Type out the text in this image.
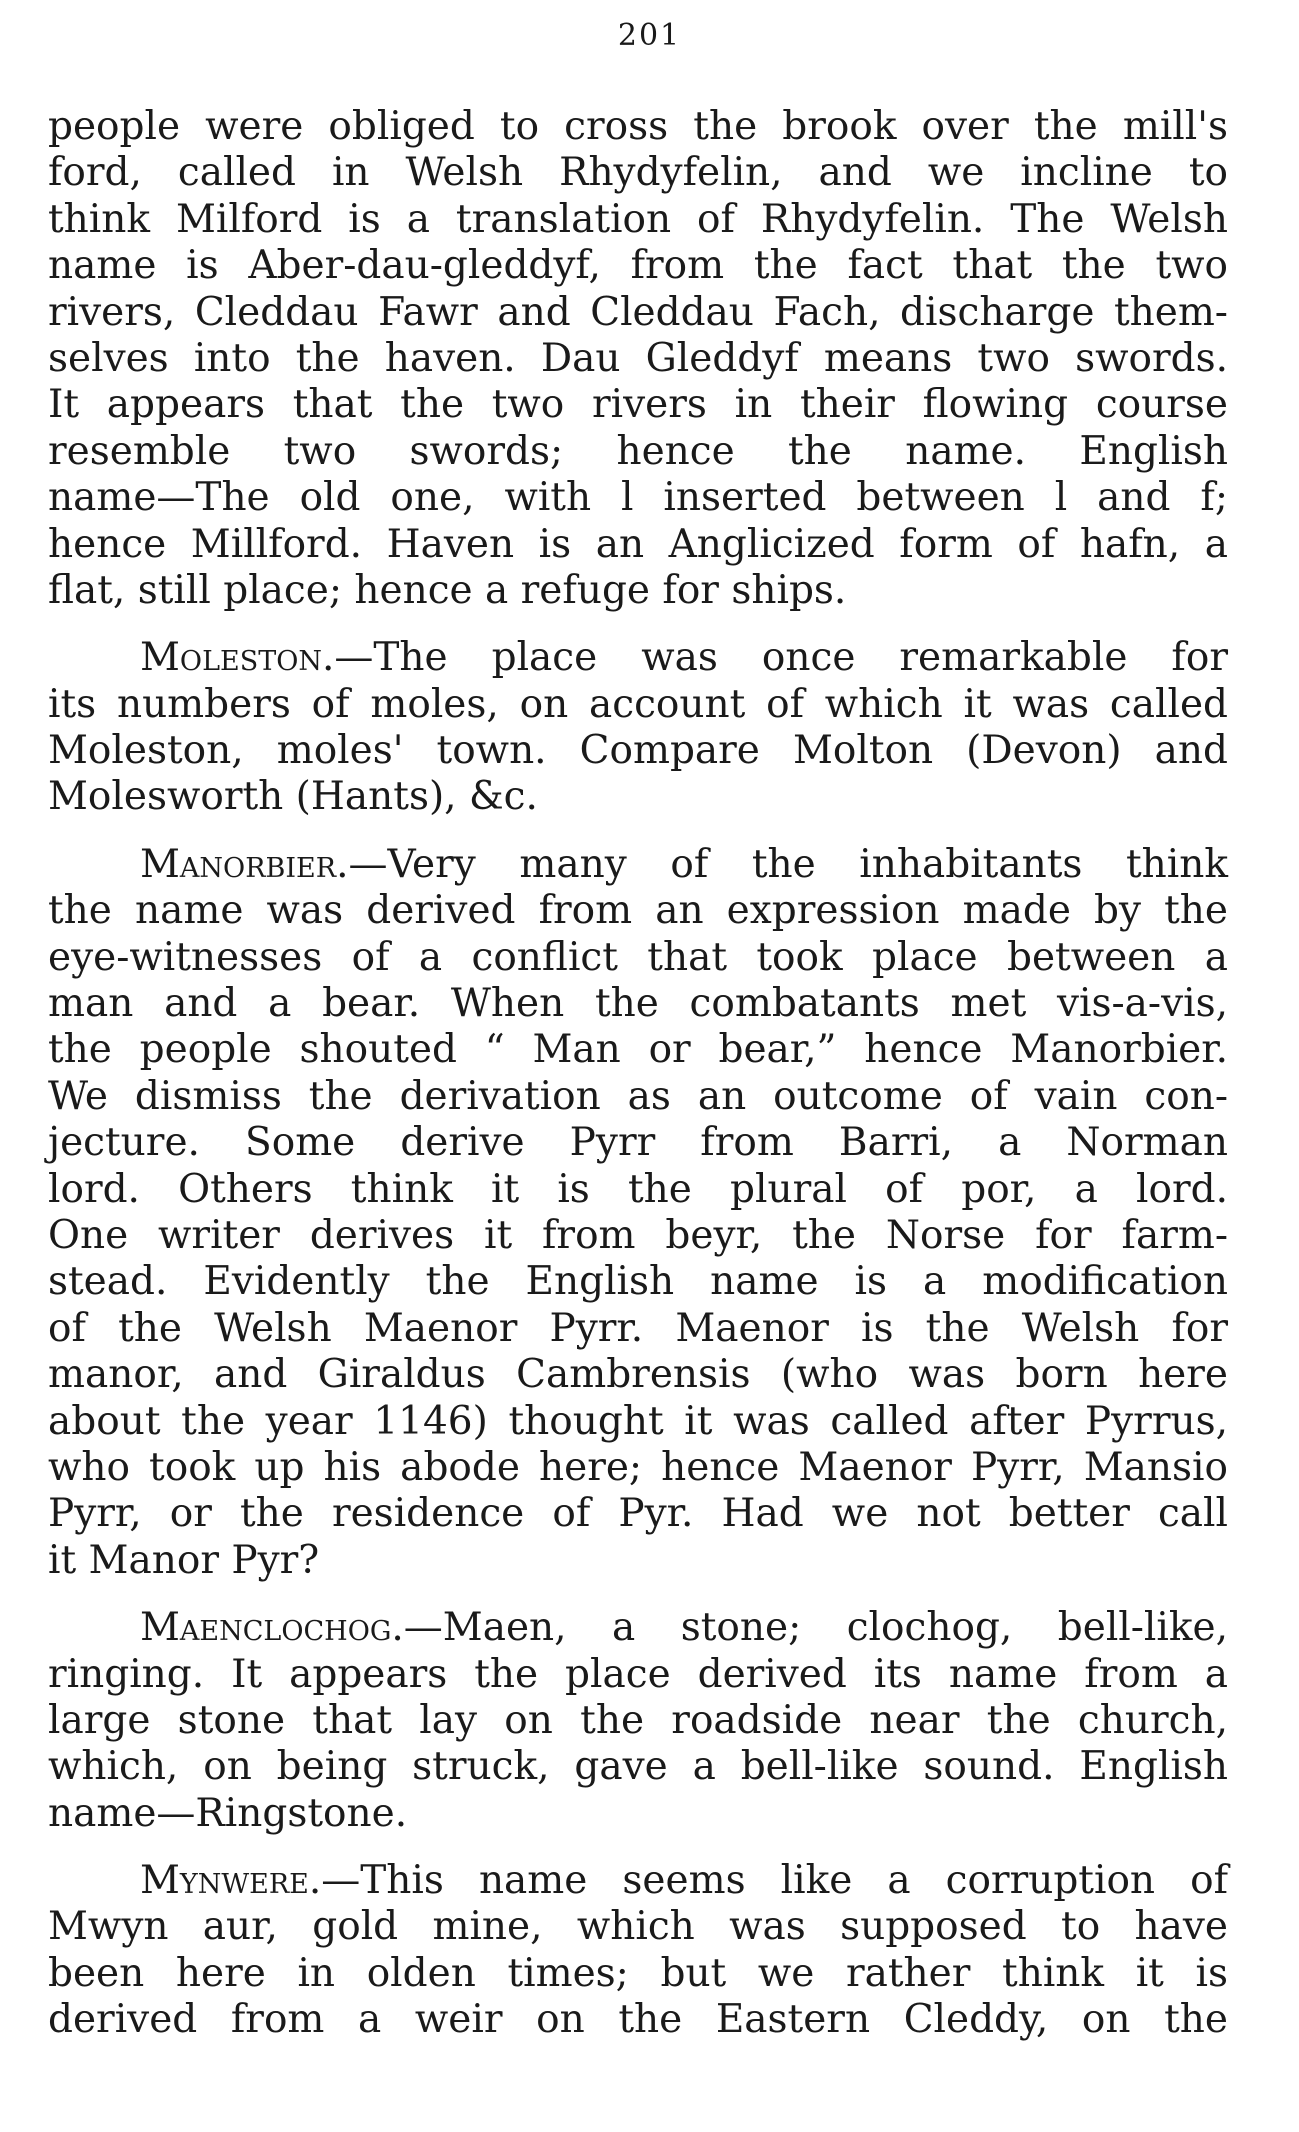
201
people were obliged to cross the brook over the mill's
ford, called in Welsh Rhydyfelin, and we incline to
think Milford is a translation of Rhydyfelin. The Welsh
name is Aber-dau-gleddyf, from the fact that the two
rivers, Cleddau Fawr and Cleddau Fach, discharge them-
selves into the haven. Dau Gleddyf means two swords.
It appears that the two rivers in their flowing course
resemble two swords; hence the name. English
name—The old one, with l inserted between l and f;
hence Millford. Haven is an Anglicized form of hafn, a
flat, still place; hence a refuge for ships.
Moleston.—The place was once remarkable for
its numbers of moles, on account of which it was called
Moleston, moles' town. Compare Molton (Devon) and
Molesworth (Hants), &c.
Manorbier.—Very many of the inhabitants think
the name was derived from an expression made by the
eye-witnesses of a conflict that took place between a
man and a bear. When the combatants met vis-a-vis,
the people shouted “ Man or bear,” hence Manorbier.
We dismiss the derivation as an outcome of vain con-
jecture. Some derive Pyrr from Barri, a Norman
lord. Others think it is the plural of por, a lord.
One writer derives it from beyr, the Norse for farm-
stead. Evidently the English name is a modification
of the Welsh Maenor Pyrr. Maenor is the Welsh for
manor, and Giraldus Cambrensis (who was born here
about the year 1146) thought it was called after Pyrrus,
who took up his abode here; hence Maenor Pyrr, Mansio
Pyrr, or the residence of Pyr. Had we not better call
it Manor Pyr?
Maenclochog.—Maen, a stone; clochog, bell-like,
ringing. It appears the place derived its name from a
large stone that lay on the roadside near the church,
which, on being struck, gave a bell-like sound. English
name—Ringstone.
Mynwere.—This name seems like a corruption of
Mwyn aur, gold mine, which was supposed to have
been here in olden times; but we rather think it is
derived from a weir on the Eastern Cleddy, on the
